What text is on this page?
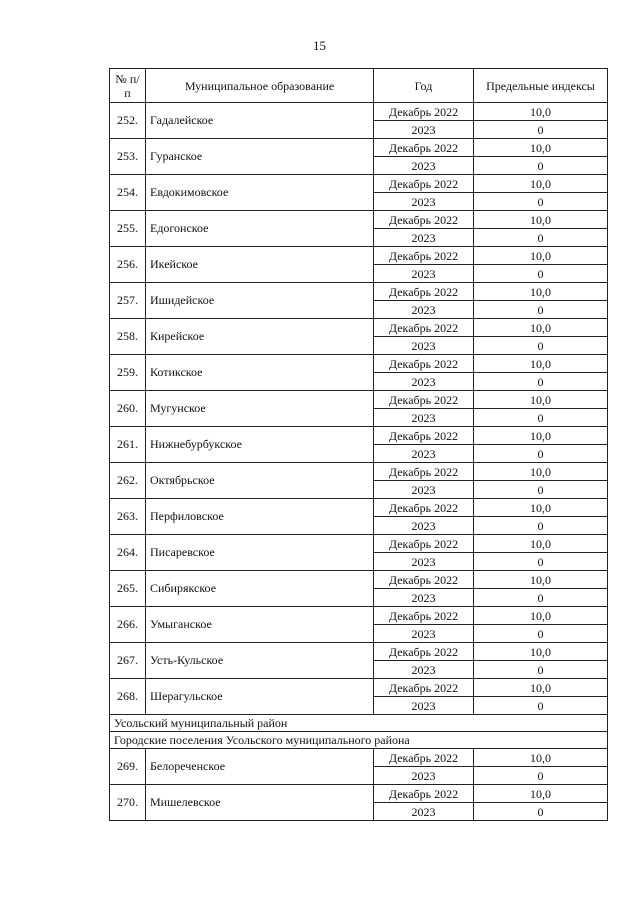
15
№ п/п	Муниципальное образование	Год	Предельные индексы
252.	Гадалейское	Декабрь 2022	10,0
		2023	0
253.	Гуранское	Декабрь 2022	10,0
		2023	0
254.	Евдокимовское	Декабрь 2022	10,0
		2023	0
255.	Едогонское	Декабрь 2022	10,0
		2023	0
256.	Икейское	Декабрь 2022	10,0
		2023	0
257.	Ишидейское	Декабрь 2022	10,0
		2023	0
258.	Кирейское	Декабрь 2022	10,0
		2023	0
259.	Котикское	Декабрь 2022	10,0
		2023	0
260.	Мугунское	Декабрь 2022	10,0
		2023	0
261.	Нижнебурбукское	Декабрь 2022	10,0
		2023	0
262.	Октябрьское	Декабрь 2022	10,0
		2023	0
263.	Перфиловское	Декабрь 2022	10,0
		2023	0
264.	Писаревское	Декабрь 2022	10,0
		2023	0
265.	Сибирякское	Декабрь 2022	10,0
		2023	0
266.	Умыганское	Декабрь 2022	10,0
		2023	0
267.	Усть-Кульское	Декабрь 2022	10,0
		2023	0
268.	Шерагульское	Декабрь 2022	10,0
		2023	0
Усольский муниципальный район			
Городские поселения Усольского муниципального района			
269.	Белореченское	Декабрь 2022	10,0
		2023	0
270.	Мишелевское	Декабрь 2022	10,0
		2023	0
